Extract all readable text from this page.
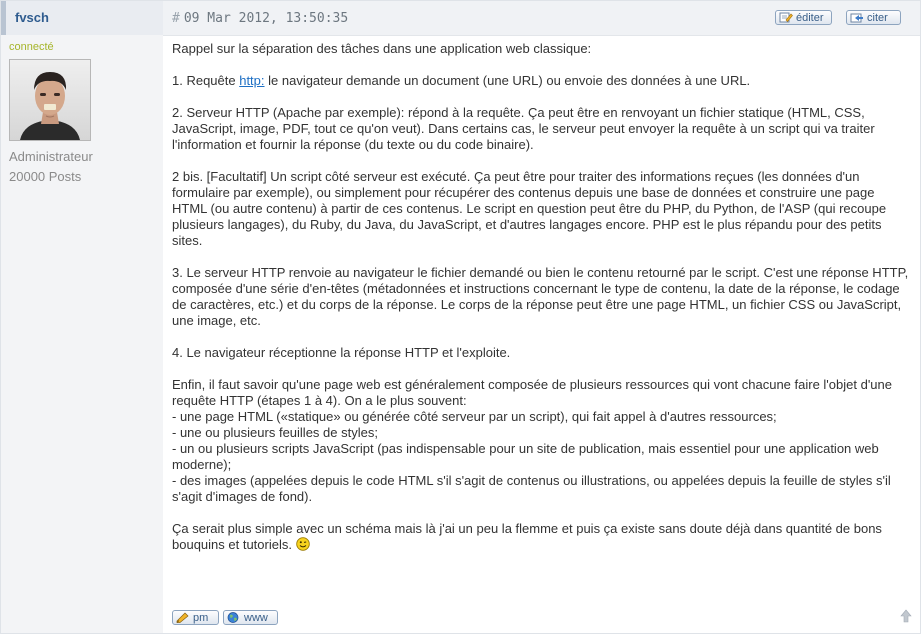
fvsch
connecté
Administrateur
20000 Posts
# 09 Mar 2012, 13:50:35	éditer	citer

Rappel sur la séparation des tâches dans une application web classique:

1. Requête http: le navigateur demande un document (une URL) ou envoie des données à une URL.

2. Serveur HTTP (Apache par exemple): répond à la requête. Ça peut être en renvoyant un fichier statique (HTML, CSS, JavaScript, image, PDF, tout ce qu'on veut). Dans certains cas, le serveur peut envoyer la requête à un script qui va traiter l'information et fournir la réponse (du texte ou du code binaire).

2 bis. [Facultatif] Un script côté serveur est exécuté. Ça peut être pour traiter des informations reçues (les données d'un formulaire par exemple), ou simplement pour récupérer des contenus depuis une base de données et construire une page HTML (ou autre contenu) à partir de ces contenus. Le script en question peut être du PHP, du Python, de l'ASP (qui recoupe plusieurs langages), du Ruby, du Java, du JavaScript, et d'autres langages encore. PHP est le plus répandu pour des petits sites.

3. Le serveur HTTP renvoie au navigateur le fichier demandé ou bien le contenu retourné par le script. C'est une réponse HTTP, composée d'une série d'en-têtes (métadonnées et instructions concernant le type de contenu, la date de la réponse, le codage de caractères, etc.) et du corps de la réponse. Le corps de la réponse peut être une page HTML, un fichier CSS ou JavaScript, une image, etc.

4. Le navigateur réceptionne la réponse HTTP et l'exploite.

Enfin, il faut savoir qu'une page web est généralement composée de plusieurs ressources qui vont chacune faire l'objet d'une requête HTTP (étapes 1 à 4). On a le plus souvent:
- une page HTML («statique» ou générée côté serveur par un script), qui fait appel à d'autres ressources;
- une ou plusieurs feuilles de styles;
- un ou plusieurs scripts JavaScript (pas indispensable pour un site de publication, mais essentiel pour une application web moderne);
- des images (appelées depuis le code HTML s'il s'agit de contenus ou illustrations, ou appelées depuis la feuille de styles s'il s'agit d'images de fond).

Ça serait plus simple avec un schéma mais là j'ai un peu la flemme et puis ça existe sans doute déjà dans quantité de bons bouquins et tutoriels.

pm	www
